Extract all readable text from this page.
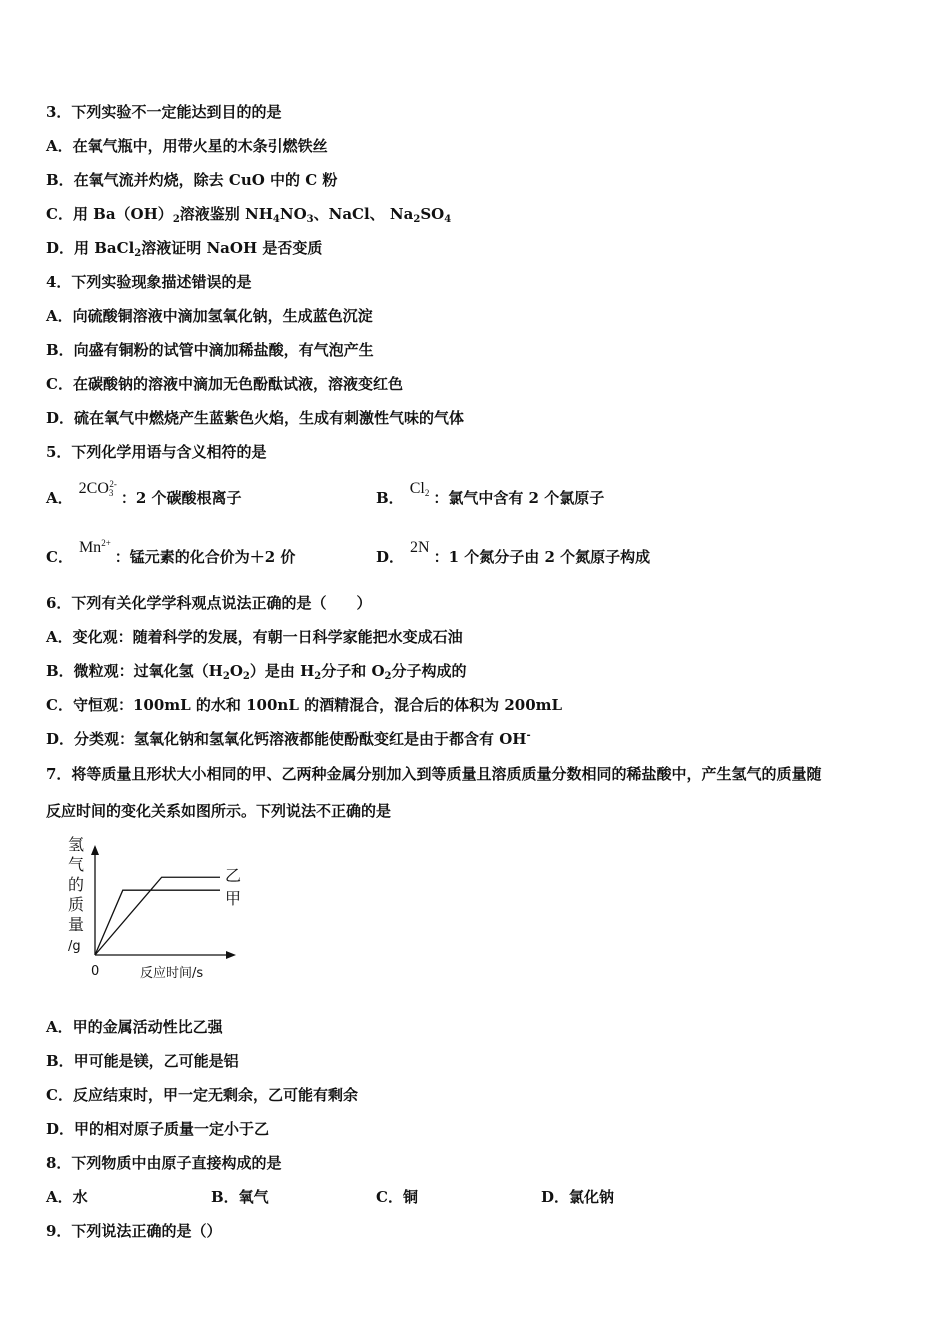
3．下列实验不一定能达到目的的是
A．在氧气瓶中，用带火星的木条引燃铁丝
B．在氧气流并灼烧，除去 CuO 中的 C 粉
C．用 $Ba(OH)_2$溶液鉴别 $NH_4NO_3$、NaCl、 $Na_2SO_4$
D．用 BaCl$_2$溶液证明 NaOH 是否变质
4．下列实验现象描述错误的是
A．向硫酸铜溶液中滴加氢氧化钠，生成蓝色沉淀
B．向盛有铜粉的试管中滴加稀盐酸，有气泡产生
C．在碳酸钠的溶液中滴加无色酚酞试液，溶液变红色
D．硫在氧气中燃烧产生蓝紫色火焰，生成有刺激性气味的气体
5．下列化学用语与含义相符的是
A．$2CO_3^{2-}$：2 个碳酸根离子	B．$Cl_2$ ：氯气中含有 2 个氯原子
C．$Mn^{2+}$：锰元素的化合价为＋2 价	D．2N：1 个氮分子由 2 个氮原子构成
6．下列有关化学学科观点说法正确的是（　　）
A．变化观：随着科学的发展，有朝一日科学家能把水变成石油
B．微粒观：过氧化氢$(H_2O_2)$是由 $H_2$分子和 $O_2$分子构成的
C．守恒观：100mL 的水和 100nL 的酒精混合，混合后的体积为 200mL
D．分类观：氢氧化钠和氢氧化钙溶液都能使酚酞变红是由于都含有 OH-
7．将等质量且形状大小相同的甲、乙两种金属分别加入到等质量且溶质质量分数相同的稀盐酸中，产生氢气的质量随
反应时间的变化关系如图所示。下列说法不正确的是
氢
气
的
质
量
/g
0	反应时间/s
甲
乙
A．甲的金属活动性比乙强
B．甲可能是镁，乙可能是铝
C．反应结束时，甲一定无剩余，乙可能有剩余
D．甲的相对原子质量一定小于乙
8．下列物质中由原子直接构成的是
A．水	B．氧气	C．铜	D．氯化钠
9．下列说法正确的是（）
